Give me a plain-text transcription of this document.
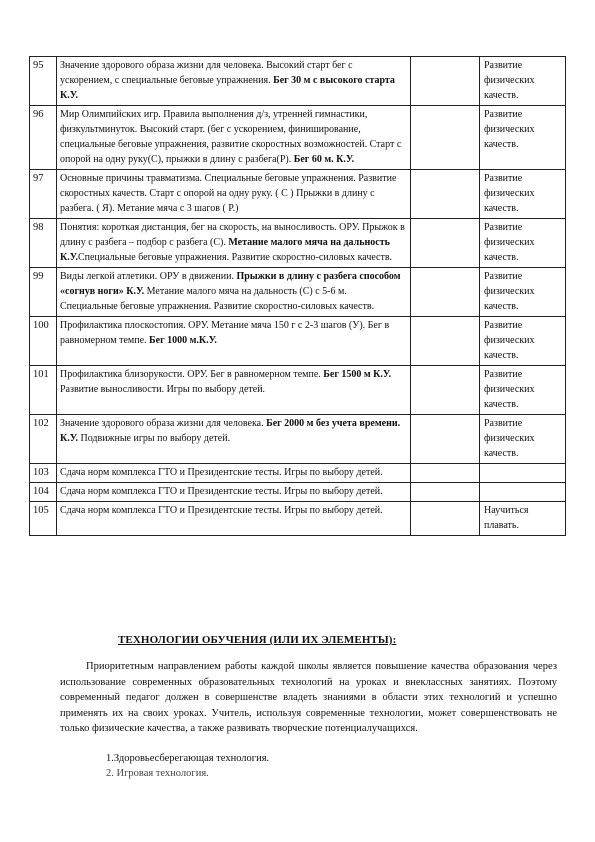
95	Значение здорового образа жизни для человека. Высокий старт бег с ускорением, с специальные беговые упражнения. Бег 30 м с высокого старта К.У.		Развитие физических качеств.
96	Мир Олимпийских игр. Правила выполнения д/з, утренней гимнастики, физкультминуток. Высокий старт. (бег с ускорением, финиширование, специальные беговые упражнения, развитие скоростных возможностей. Старт с опорой на одну руку(С), прыжки в длину с разбега(Р). Бег 60 м. К.У.		Развитие физических качеств.
97	Основные причины травматизма. Специальные беговые упражнения. Развитие скоростных качеств. Старт с опорой на одну руку. ( С ) Прыжки в длину с разбега. ( Я). Метание мяча с 3 шагов ( Р.)		Развитие физических качеств.
98	Понятия: короткая дистанция, бег на скорость, на выносливость. ОРУ. Прыжок в длину с разбега – подбор с разбега (С). Метание малого мяча на дальность К.У.Специальные беговые упражнения. Развитие скоростно-силовых качеств.		Развитие физических качеств.
99	Виды легкой атлетики. ОРУ в движении. Прыжки в длину с разбега способом «согнув ноги» К.У. Метание малого мяча на дальность (С) с 5-6 м. Специальные беговые упражнения. Развитие скоростно-силовых качеств.		Развитие физических качеств.
100	Профилактика плоскостопия. ОРУ. Метание мяча 150 г с 2-3 шагов (У). Бег в равномерном темпе. Бег 1000 м.К.У.		Развитие физических качеств.
101	Профилактика близорукости. ОРУ. Бег в равномерном темпе. Бег 1500 м К.У. Развитие выносливости. Игры по выбору детей.		Развитие физических качеств.
102	Значение здорового образа жизни для человека. Бег 2000 м без учета времени. К.У. Подвижные игры по выбору детей.		Развитие физических качеств.
103	Сдача норм комплекса ГТО и Президентские тесты. Игры по выбору детей.		
104	Сдача норм комплекса ГТО и Президентские тесты. Игры по выбору детей.		
105	Сдача норм комплекса ГТО и Президентские тесты. Игры по выбору детей.		Научиться плавать.
ТЕХНОЛОГИИ ОБУЧЕНИЯ (ИЛИ ИХ ЭЛЕМЕНТЫ):

Приоритетным направлением работы каждой школы является повышение качества образования через использование современных образовательных технологий на уроках и внеклассных занятиях. Поэтому современный педагог должен в совершенстве владеть знаниями в области этих технологий и успешно применять их на своих уроках. Учитель, используя современные технологии, может совершенствовать не только физические качества, а также развивать творческие потенциалучащихся.

1.Здоровьесберегающая технология.
2. Игровая технология.
